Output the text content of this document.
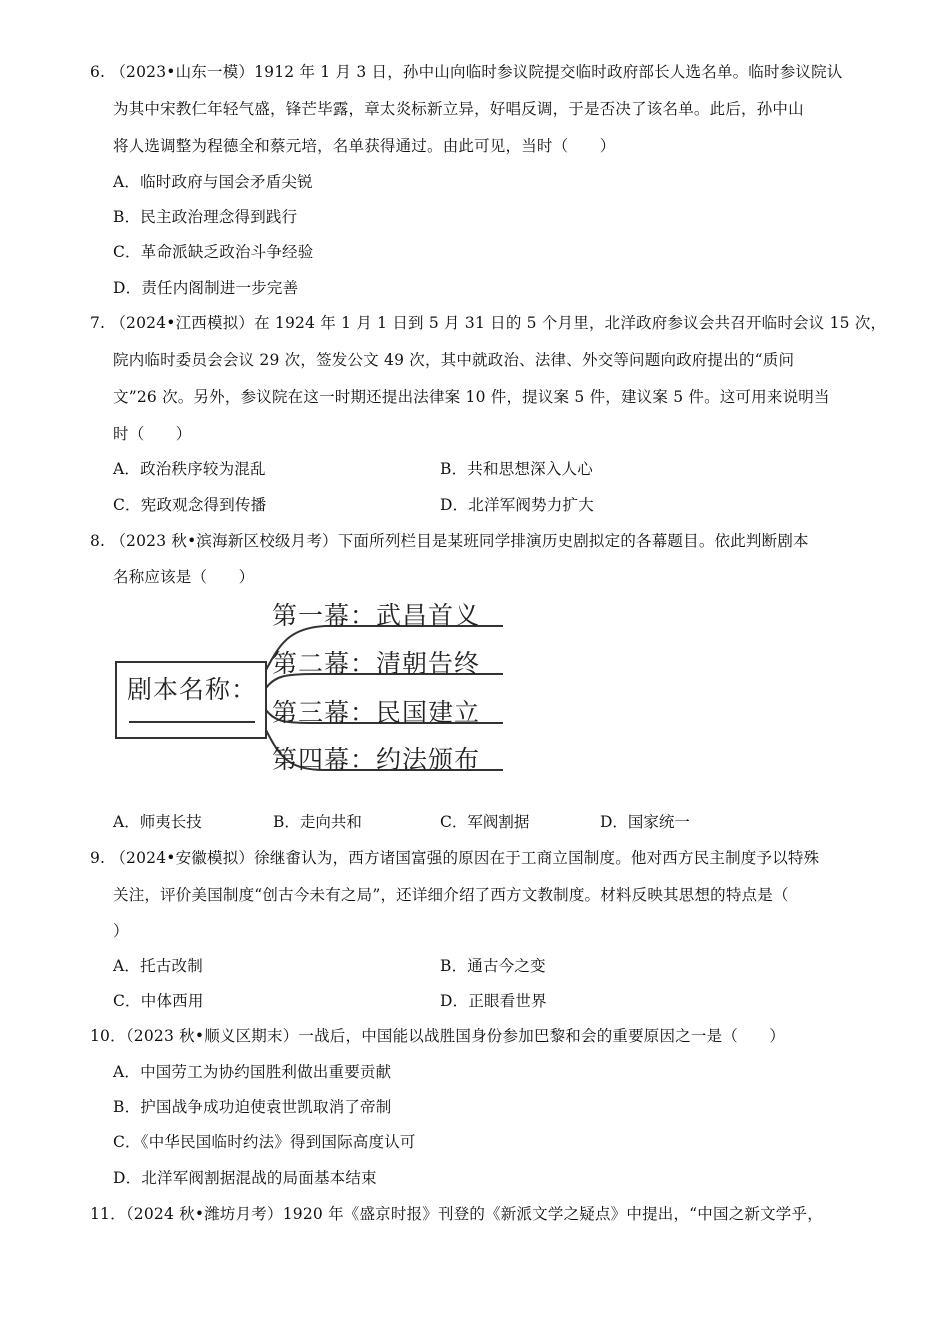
6. （2023•山东一模）1912 年 1 月 3 日，孙中山向临时参议院提交临时政府部长人选名单。临时参议院认
为其中宋教仁年轻气盛，锋芒毕露，章太炎标新立异，好唱反调，于是否决了该名单。此后，孙中山
将人选调整为程德全和蔡元培，名单获得通过。由此可见，当时（　　）
A．临时政府与国会矛盾尖锐
B．民主政治理念得到践行
C．革命派缺乏政治斗争经验
D．责任内阁制进一步完善
7. （2024•江西模拟）在 1924 年 1 月 1 日到 5 月 31 日的 5 个月里，北洋政府参议会共召开临时会议 15 次，
院内临时委员会会议 29 次，签发公文 49 次，其中就政治、法律、外交等问题向政府提出的“质问
文”26 次。另外，参议院在这一时期还提出法律案 10 件，提议案 5 件，建议案 5 件。这可用来说明当
时（　　）
A．政治秩序较为混乱	B．共和思想深入人心
C．宪政观念得到传播	D．北洋军阀势力扩大
8. （2023 秋•滨海新区校级月考）下面所列栏目是某班同学排演历史剧拟定的各幕题目。依此判断剧本
名称应该是（　　）
剧本名称：
第一幕：武昌首义
第二幕：清朝告终
第三幕：民国建立
第四幕：约法颁布
A．师夷长技	B．走向共和	C．军阀割据	D．国家统一
9. （2024•安徽模拟）徐继畬认为，西方诸国富强的原因在于工商立国制度。他对西方民主制度予以特殊
关注，评价美国制度“创古今未有之局”，还详细介绍了西方文教制度。材料反映其思想的特点是（
）
A．托古改制	B．通古今之变
C．中体西用	D．正眼看世界
10．（2023 秋•顺义区期末）一战后，中国能以战胜国身份参加巴黎和会的重要原因之一是（　　）
A．中国劳工为协约国胜利做出重要贡献
B．护国战争成功迫使袁世凯取消了帝制
C．《中华民国临时约法》得到国际高度认可
D．北洋军阀割据混战的局面基本结束
11．（2024 秋•潍坊月考）1920 年《盛京时报》刊登的《新派文学之疑点》中提出，“中国之新文学乎，
